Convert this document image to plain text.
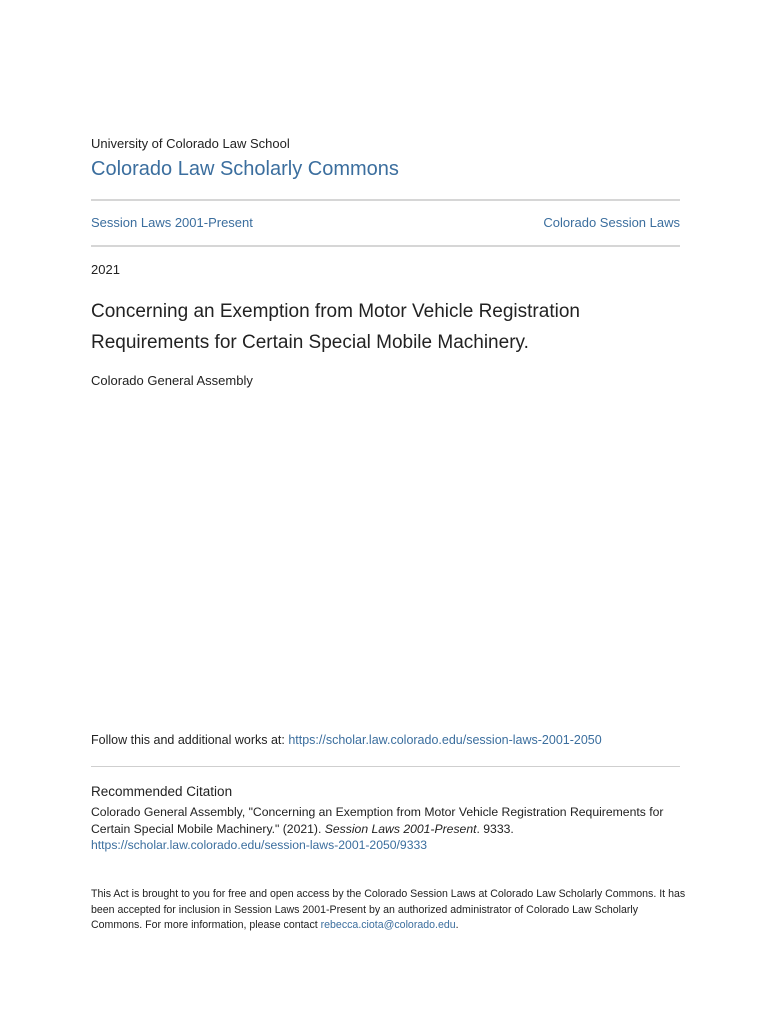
University of Colorado Law School
Colorado Law Scholarly Commons
Session Laws 2001-Present	Colorado Session Laws
2021
Concerning an Exemption from Motor Vehicle Registration Requirements for Certain Special Mobile Machinery.
Colorado General Assembly
Follow this and additional works at: https://scholar.law.colorado.edu/session-laws-2001-2050
Recommended Citation
Colorado General Assembly, "Concerning an Exemption from Motor Vehicle Registration Requirements for Certain Special Mobile Machinery." (2021). Session Laws 2001-Present. 9333.
https://scholar.law.colorado.edu/session-laws-2001-2050/9333
This Act is brought to you for free and open access by the Colorado Session Laws at Colorado Law Scholarly Commons. It has been accepted for inclusion in Session Laws 2001-Present by an authorized administrator of Colorado Law Scholarly Commons. For more information, please contact rebecca.ciota@colorado.edu.
